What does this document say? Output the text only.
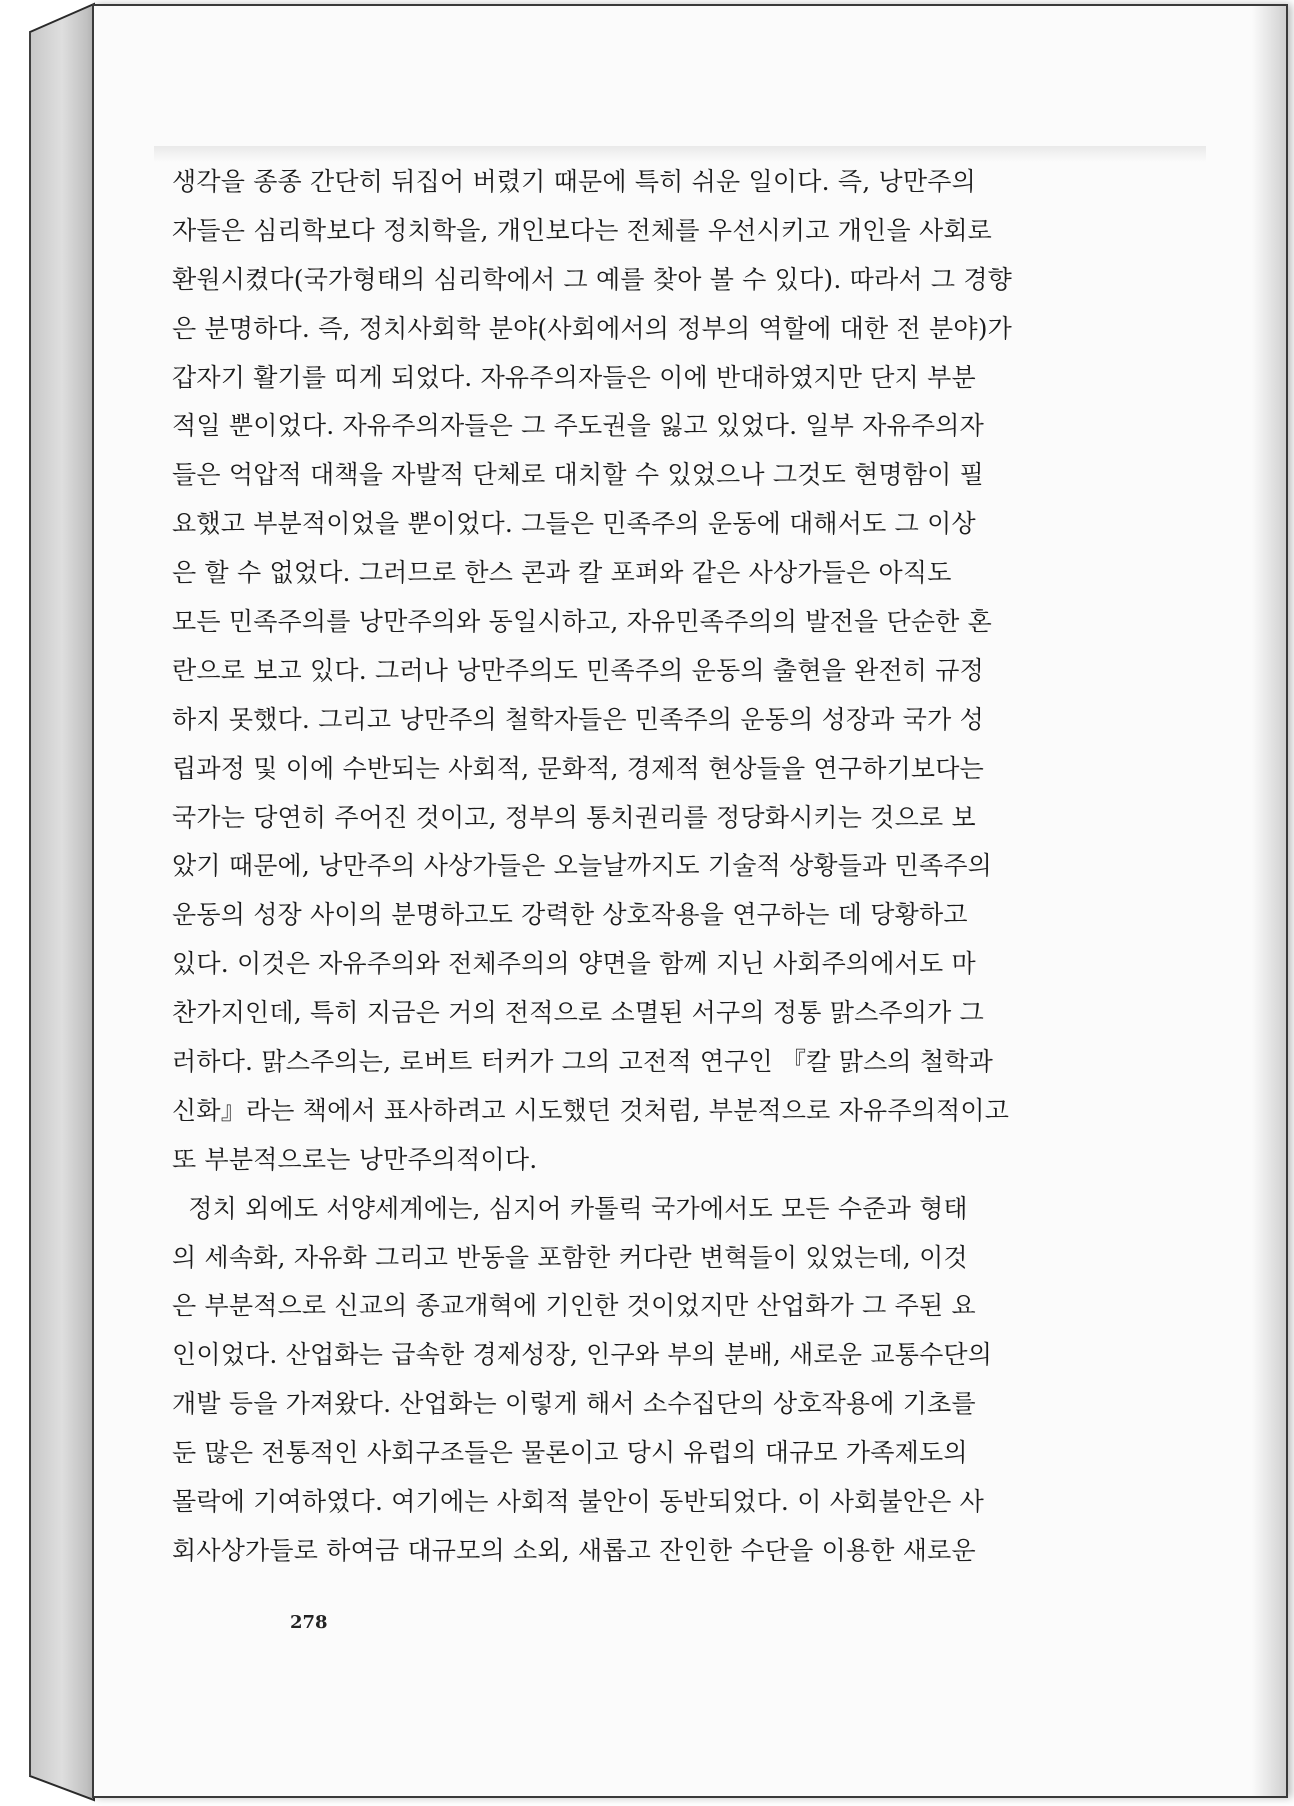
생각을 종종 간단히 뒤집어 버렸기 때문에 특히 쉬운 일이다. 즉, 낭만주의
자들은 심리학보다 정치학을, 개인보다는 전체를 우선시키고 개인을 사회로
환원시켰다(국가형태의 심리학에서 그 예를 찾아 볼 수 있다). 따라서 그 경향
은 분명하다. 즉, 정치사회학 분야(사회에서의 정부의 역할에 대한 전 분야)가
갑자기 활기를 띠게 되었다. 자유주의자들은 이에 반대하였지만 단지 부분
적일 뿐이었다. 자유주의자들은 그 주도권을 잃고 있었다. 일부 자유주의자
들은 억압적 대책을 자발적 단체로 대치할 수 있었으나 그것도 현명함이 필
요했고 부분적이었을 뿐이었다. 그들은 민족주의 운동에 대해서도 그 이상
은 할 수 없었다. 그러므로 한스 콘과 칼 포퍼와 같은 사상가들은 아직도
모든 민족주의를 낭만주의와 동일시하고, 자유민족주의의 발전을 단순한 혼
란으로 보고 있다. 그러나 낭만주의도 민족주의 운동의 출현을 완전히 규정
하지 못했다. 그리고 낭만주의 철학자들은 민족주의 운동의 성장과 국가 성
립과정 및 이에 수반되는 사회적, 문화적, 경제적 현상들을 연구하기보다는
국가는 당연히 주어진 것이고, 정부의 통치권리를 정당화시키는 것으로 보
았기 때문에, 낭만주의 사상가들은 오늘날까지도 기술적 상황들과 민족주의
운동의 성장 사이의 분명하고도 강력한 상호작용을 연구하는 데 당황하고
있다. 이것은 자유주의와 전체주의의 양면을 함께 지닌 사회주의에서도 마
찬가지인데, 특히 지금은 거의 전적으로 소멸된 서구의 정통 맑스주의가 그
러하다. 맑스주의는, 로버트 터커가 그의 고전적 연구인 『칼 맑스의 철학과
신화』라는 책에서 표사하려고 시도했던 것처럼, 부분적으로 자유주의적이고
또 부분적으로는 낭만주의적이다.
정치 외에도 서양세계에는, 심지어 카톨릭 국가에서도 모든 수준과 형태
의 세속화, 자유화 그리고 반동을 포함한 커다란 변혁들이 있었는데, 이것
은 부분적으로 신교의 종교개혁에 기인한 것이었지만 산업화가 그 주된 요
인이었다. 산업화는 급속한 경제성장, 인구와 부의 분배, 새로운 교통수단의
개발 등을 가져왔다. 산업화는 이렇게 해서 소수집단의 상호작용에 기초를
둔 많은 전통적인 사회구조들은 물론이고 당시 유럽의 대규모 가족제도의
몰락에 기여하였다. 여기에는 사회적 불안이 동반되었다. 이 사회불안은 사
회사상가들로 하여금 대규모의 소외, 새롭고 잔인한 수단을 이용한 새로운
278
